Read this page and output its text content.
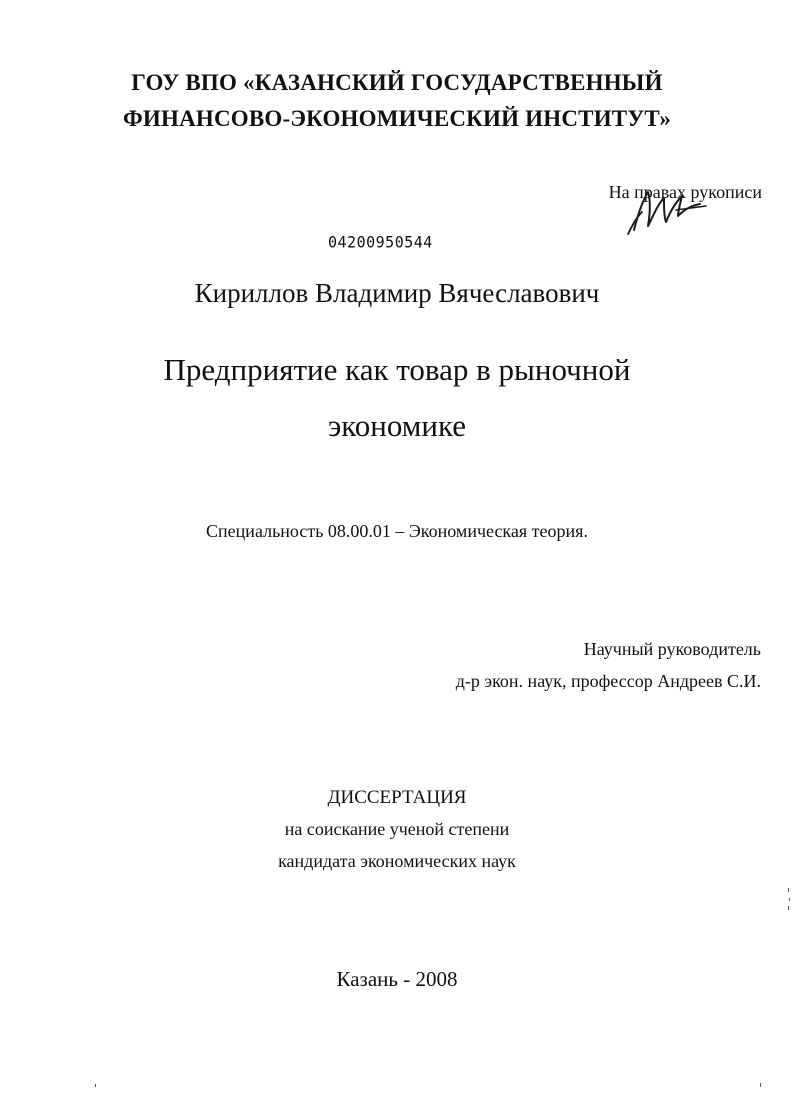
ГОУ ВПО «КАЗАНСКИЙ ГОСУДАРСТВЕННЫЙ
ФИНАНСОВО-ЭКОНОМИЧЕСКИЙ ИНСТИТУТ»
На правах рукописи
04200950544
Кириллов Владимир Вячеславович
Предприятие как товар в рыночной
экономике
Специальность 08.00.01 – Экономическая теория.
Научный руководитель
д-р экон. наук, профессор Андреев С.И.
ДИССЕРТАЦИЯ
на соискание ученой степени
кандидата экономических наук
Казань - 2008
